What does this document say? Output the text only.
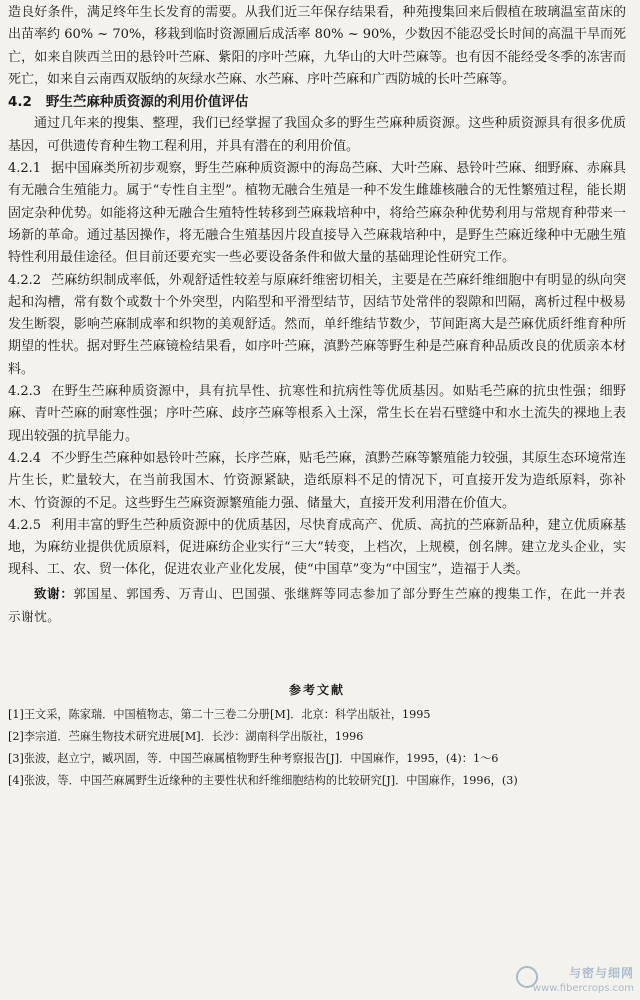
造良好条件，满足终年生长发育的需要。从我们近三年保存结果看，种苑搜集回来后假植在玻璃温室苗床的出苗率约 60% ~ 70%，移栽到临时资源圃后成活率 80% ~ 90%，少数因不能忍受长时间的高温干旱而死亡，如来自陕西兰田的悬铃叶苎麻、紫阳的序叶苎麻，九华山的大叶苎麻等。也有因不能经受冬季的冻害而死亡，如来自云南西双版纳的灰绿水苎麻、水苎麻、序叶苎麻和广西防城的长叶苎麻等。

4.2 野生苎麻种质资源的利用价值评估

通过几年来的搜集、整理，我们已经掌握了我国众多的野生苎麻种质资源。这些种质资源具有很多优质基因，可供遗传育种生物工程利用，并具有潜在的利用价值。

4.2.1 据中国麻类所初步观察，野生苎麻种质资源中的海岛苎麻、大叶苎麻、悬铃叶苎麻、细野麻、赤麻具有无融合生殖能力。属于“专性自主型”。植物无融合生殖是一种不发生雌雄核融合的无性繁殖过程，能长期固定杂种优势。如能将这种无融合生殖特性转移到苎麻栽培种中，将给苎麻杂种优势利用与常规育种带来一场新的革命。通过基因操作，将无融合生殖基因片段直接导入苎麻栽培种中，是野生苎麻近缘种中无融生殖特性利用最佳途径。但目前还要充实一些必要设备条件和做大量的基础理论性研究工作。

4.2.2 苎麻纺织制成率低，外观舒适性较差与原麻纤维密切相关，主要是在苎麻纤维细胞中有明显的纵向突起和沟槽，常有数个或数十个外突型，内陷型和平滑型结节，因结节处常伴的裂隙和凹隔，离析过程中极易发生断裂，影响苎麻制成率和织物的美观舒适。然而，单纤维结节数少，节间距离大是苎麻优质纤维育种所期望的性状。据对野生苎麻镜检结果看，如序叶苎麻，滇黔苎麻等野生种是苎麻育种品质改良的优质亲本材料。

4.2.3 在野生苎麻种质资源中，具有抗旱性、抗寒性和抗病性等优质基因。如贴毛苎麻的抗虫性强；细野麻、青叶苎麻的耐寒性强；序叶苎麻、歧序苎麻等根系入土深，常生长在岩石壁缝中和水土流失的裸地上表现出较强的抗旱能力。

4.2.4 不少野生苎麻种如悬铃叶苎麻，长序苎麻，贴毛苎麻，滇黔苎麻等繁殖能力较强，其原生态环境常连片生长，贮量较大，在当前我国木、竹资源紧缺，造纸原料不足的情况下，可直接开发为造纸原料，弥补木、竹资源的不足。这些野生苎麻资源繁殖能力强、储量大，直接开发利用潜在价值大。

4.2.5 利用丰富的野生苎种质资源中的优质基因，尽快育成高产、优质、高抗的苎麻新品种，建立优质麻基地，为麻纺业提供优质原料，促进麻纺企业实行“三大”转变，上档次，上规模，创名牌。建立龙头企业，实现科、工、农、贸一体化，促进农业产业化发展，使“中国草”变为“中国宝”，造福于人类。

致谢：郭国星、郭国秀、万青山、巴国强、张继辉等同志参加了部分野生苎麻的搜集工作，在此一并表示谢忱。

参考文献

[1]王文采，陈家瑞．中国植物志，第二十三卷二分册[M]．北京：科学出版社，1995

[2]李宗道．苎麻生物技术研究进展[M]．长沙：湖南科学出版社，1996

[3]张波，赵立宁，臧巩固，等．中国苎麻属植物野生种考察报告[J]．中国麻作，1995，(4)：1～6

[4]张波，等．中国苎麻属野生近缘种的主要性状和纤维细胞结构的比较研究[J]．中国麻作，1996，(3)

与密与细网
www.fibercrops.com
